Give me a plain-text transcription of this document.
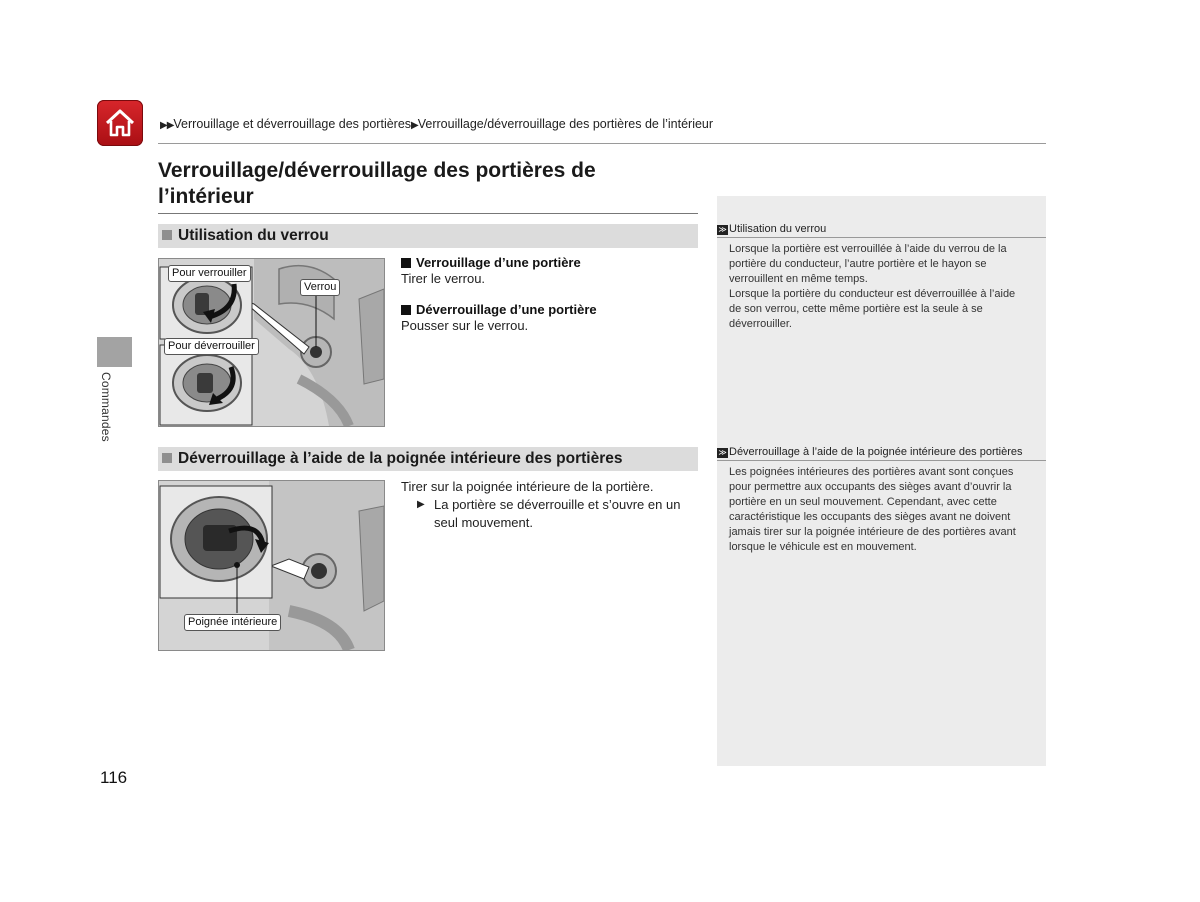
▶▶Verrouillage et déverrouillage des portières▶Verrouillage/déverrouillage des portières de l’intérieur
Verrouillage/déverrouillage des portières de l’intérieur
Commandes
Utilisation du verrou
Pour verrouiller
Pour déverrouiller
Verrou
Verrouillage d’une portière
Tirer le verrou.
Déverrouillage d’une portière
Pousser sur le verrou.
Déverrouillage à l’aide de la poignée intérieure des portières
Poignée intérieure
Tirer sur la poignée intérieure de la portière.
▶ La portière se déverrouille et s’ouvre en un
seul mouvement.
≫ Utilisation du verrou
Lorsque la portière est verrouillée à l’aide du verrou de la
portière du conducteur, l’autre portière et le hayon se
verrouillent en même temps.
Lorsque la portière du conducteur est déverrouillée à l’aide
de son verrou, cette même portière est la seule à se
déverrouiller.
≫ Déverrouillage à l’aide de la poignée intérieure des portières
Les poignées intérieures des portières avant sont conçues
pour permettre aux occupants des sièges avant d’ouvrir la
portière en un seul mouvement. Cependant, avec cette
caractéristique les occupants des sièges avant ne doivent
jamais tirer sur la poignée intérieure de des portières avant
lorsque le véhicule est en mouvement.
116
